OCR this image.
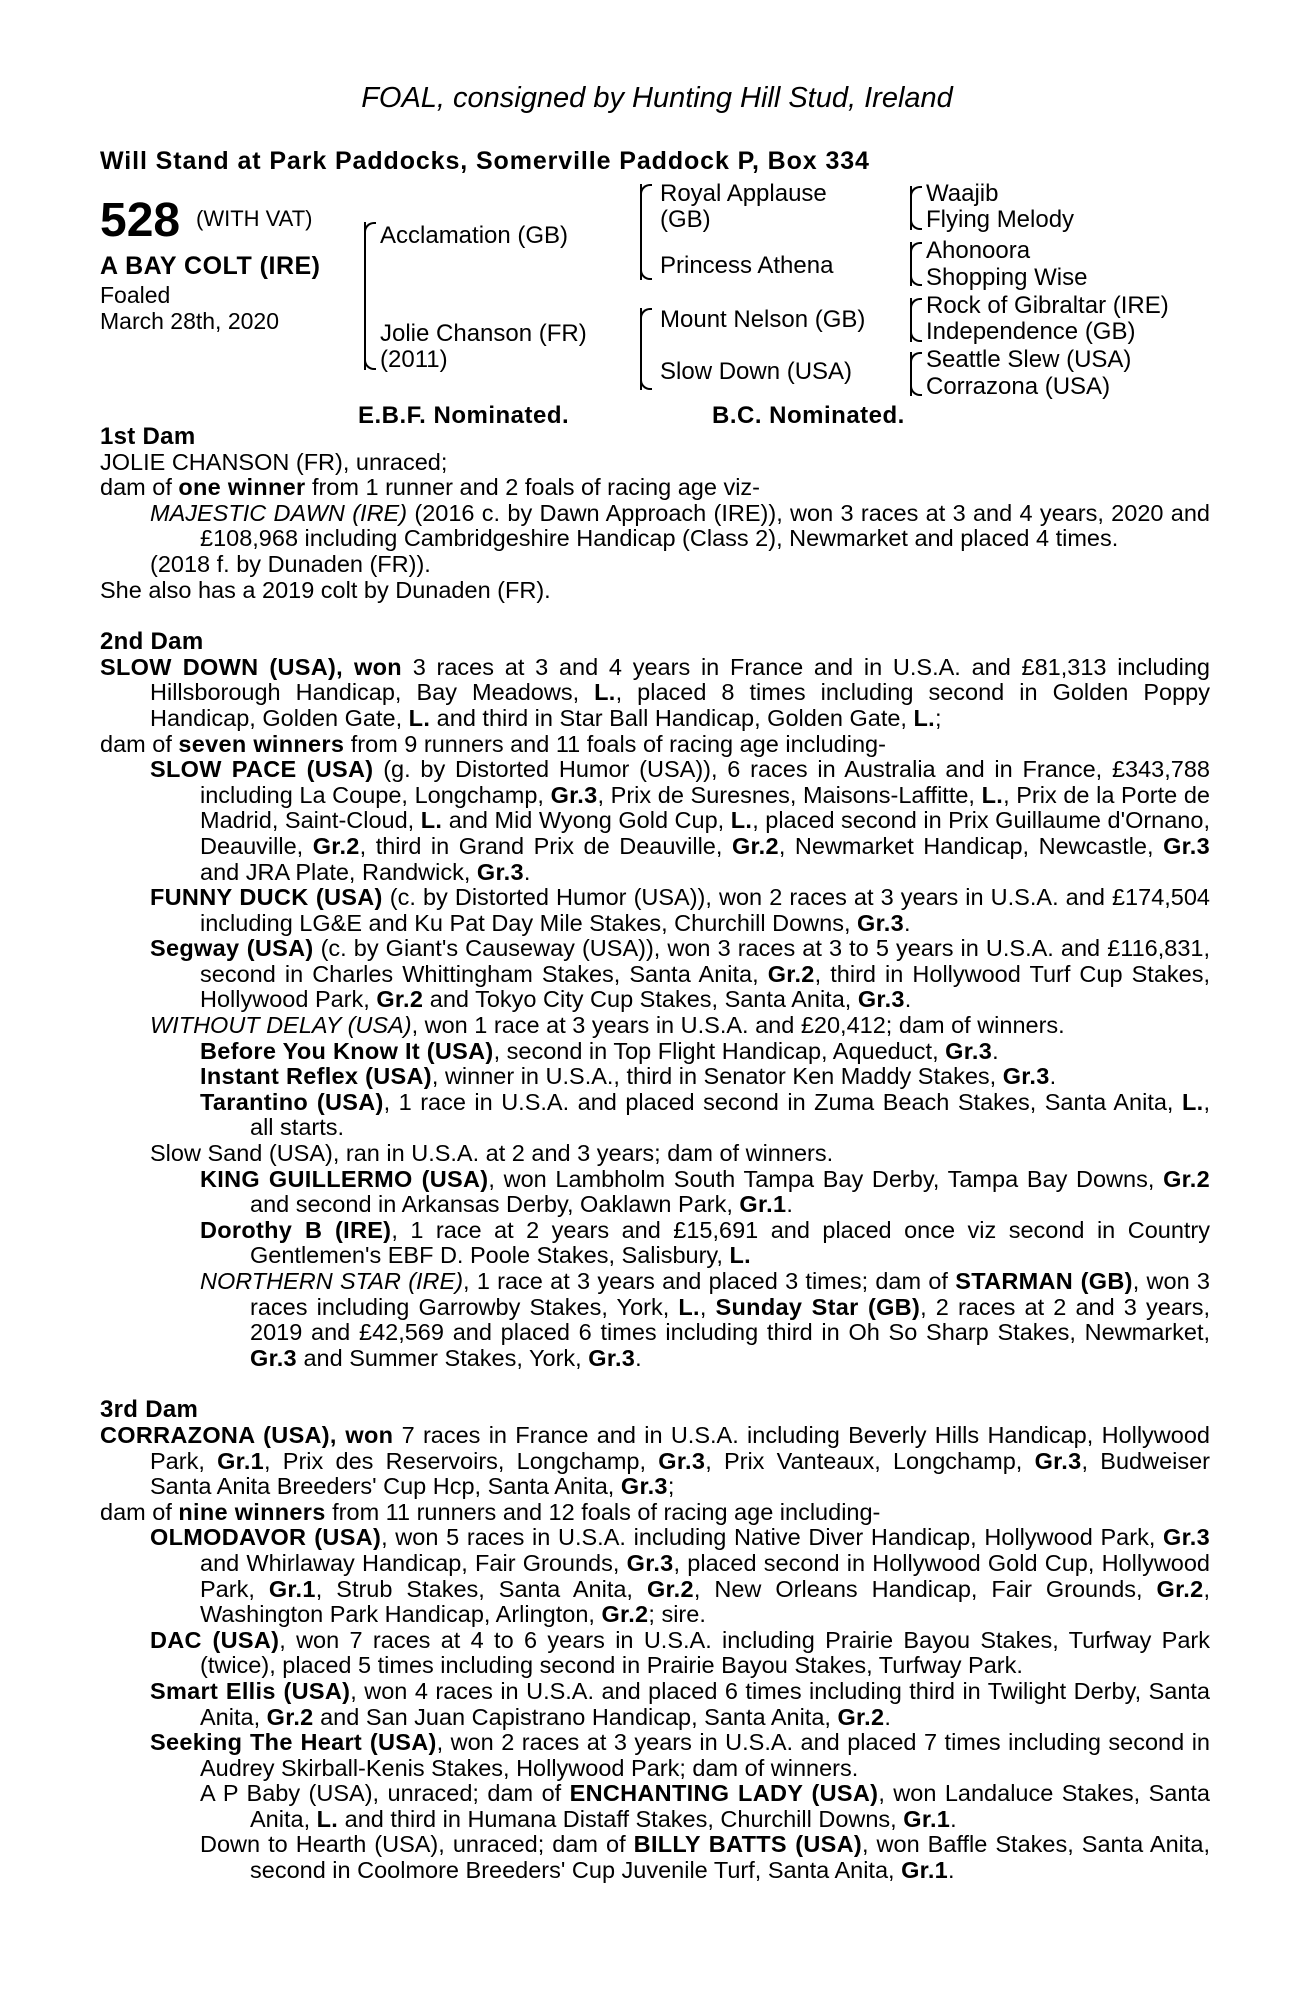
FOAL, consigned by Hunting Hill Stud, Ireland
Will Stand at Park Paddocks, Somerville Paddock P, Box 334
528 (WITH VAT)
A BAY COLT (IRE)
Foaled
March 28th, 2020
Acclamation (GB)
Jolie Chanson (FR)
(2011)
Royal Applause
(GB)
Princess Athena
Mount Nelson (GB)
Slow Down (USA)
Waajib
Flying Melody
Ahonoora
Shopping Wise
Rock of Gibraltar (IRE)
Independence (GB)
Seattle Slew (USA)
Corrazona (USA)
E.B.F. Nominated.	B.C. Nominated.

1st Dam

JOLIE CHANSON (FR), unraced;

dam of one winner from 1 runner and 2 foals of racing age viz-

MAJESTIC DAWN (IRE) (2016 c. by Dawn Approach (IRE)), won 3 races at 3 and 4 years, 2020 and £108,968 including Cambridgeshire Handicap (Class 2), Newmarket and placed 4 times.

(2018 f. by Dunaden (FR)).

She also has a 2019 colt by Dunaden (FR).

2nd Dam

SLOW DOWN (USA), won 3 races at 3 and 4 years in France and in U.S.A. and £81,313 including Hillsborough Handicap, Bay Meadows, L., placed 8 times including second in Golden Poppy Handicap, Golden Gate, L. and third in Star Ball Handicap, Golden Gate, L.;

dam of seven winners from 9 runners and 11 foals of racing age including-

SLOW PACE (USA) (g. by Distorted Humor (USA)), 6 races in Australia and in France, £343,788 including La Coupe, Longchamp, Gr.3, Prix de Suresnes, Maisons-Laffitte, L., Prix de la Porte de Madrid, Saint-Cloud, L. and Mid Wyong Gold Cup, L., placed second in Prix Guillaume d'Ornano, Deauville, Gr.2, third in Grand Prix de Deauville, Gr.2, Newmarket Handicap, Newcastle, Gr.3 and JRA Plate, Randwick, Gr.3.

FUNNY DUCK (USA) (c. by Distorted Humor (USA)), won 2 races at 3 years in U.S.A. and £174,504 including LG&E and Ku Pat Day Mile Stakes, Churchill Downs, Gr.3.

Segway (USA) (c. by Giant's Causeway (USA)), won 3 races at 3 to 5 years in U.S.A. and £116,831, second in Charles Whittingham Stakes, Santa Anita, Gr.2, third in Hollywood Turf Cup Stakes, Hollywood Park, Gr.2 and Tokyo City Cup Stakes, Santa Anita, Gr.3.

WITHOUT DELAY (USA), won 1 race at 3 years in U.S.A. and £20,412; dam of winners.

Before You Know It (USA), second in Top Flight Handicap, Aqueduct, Gr.3.

Instant Reflex (USA), winner in U.S.A., third in Senator Ken Maddy Stakes, Gr.3.

Tarantino (USA), 1 race in U.S.A. and placed second in Zuma Beach Stakes, Santa Anita, L., all starts.

Slow Sand (USA), ran in U.S.A. at 2 and 3 years; dam of winners.

KING GUILLERMO (USA), won Lambholm South Tampa Bay Derby, Tampa Bay Downs, Gr.2 and second in Arkansas Derby, Oaklawn Park, Gr.1.

Dorothy B (IRE), 1 race at 2 years and £15,691 and placed once viz second in Country Gentlemen's EBF D. Poole Stakes, Salisbury, L.

NORTHERN STAR (IRE), 1 race at 3 years and placed 3 times; dam of STARMAN (GB), won 3 races including Garrowby Stakes, York, L., Sunday Star (GB), 2 races at 2 and 3 years, 2019 and £42,569 and placed 6 times including third in Oh So Sharp Stakes, Newmarket, Gr.3 and Summer Stakes, York, Gr.3.

3rd Dam

CORRAZONA (USA), won 7 races in France and in U.S.A. including Beverly Hills Handicap, Hollywood Park, Gr.1, Prix des Reservoirs, Longchamp, Gr.3, Prix Vanteaux, Longchamp, Gr.3, Budweiser Santa Anita Breeders' Cup Hcp, Santa Anita, Gr.3;

dam of nine winners from 11 runners and 12 foals of racing age including-

OLMODAVOR (USA), won 5 races in U.S.A. including Native Diver Handicap, Hollywood Park, Gr.3 and Whirlaway Handicap, Fair Grounds, Gr.3, placed second in Hollywood Gold Cup, Hollywood Park, Gr.1, Strub Stakes, Santa Anita, Gr.2, New Orleans Handicap, Fair Grounds, Gr.2, Washington Park Handicap, Arlington, Gr.2; sire.

DAC (USA), won 7 races at 4 to 6 years in U.S.A. including Prairie Bayou Stakes, Turfway Park (twice), placed 5 times including second in Prairie Bayou Stakes, Turfway Park.

Smart Ellis (USA), won 4 races in U.S.A. and placed 6 times including third in Twilight Derby, Santa Anita, Gr.2 and San Juan Capistrano Handicap, Santa Anita, Gr.2.

Seeking The Heart (USA), won 2 races at 3 years in U.S.A. and placed 7 times including second in Audrey Skirball-Kenis Stakes, Hollywood Park; dam of winners.

A P Baby (USA), unraced; dam of ENCHANTING LADY (USA), won Landaluce Stakes, Santa Anita, L. and third in Humana Distaff Stakes, Churchill Downs, Gr.1.

Down to Hearth (USA), unraced; dam of BILLY BATTS (USA), won Baffle Stakes, Santa Anita, second in Coolmore Breeders' Cup Juvenile Turf, Santa Anita, Gr.1.
